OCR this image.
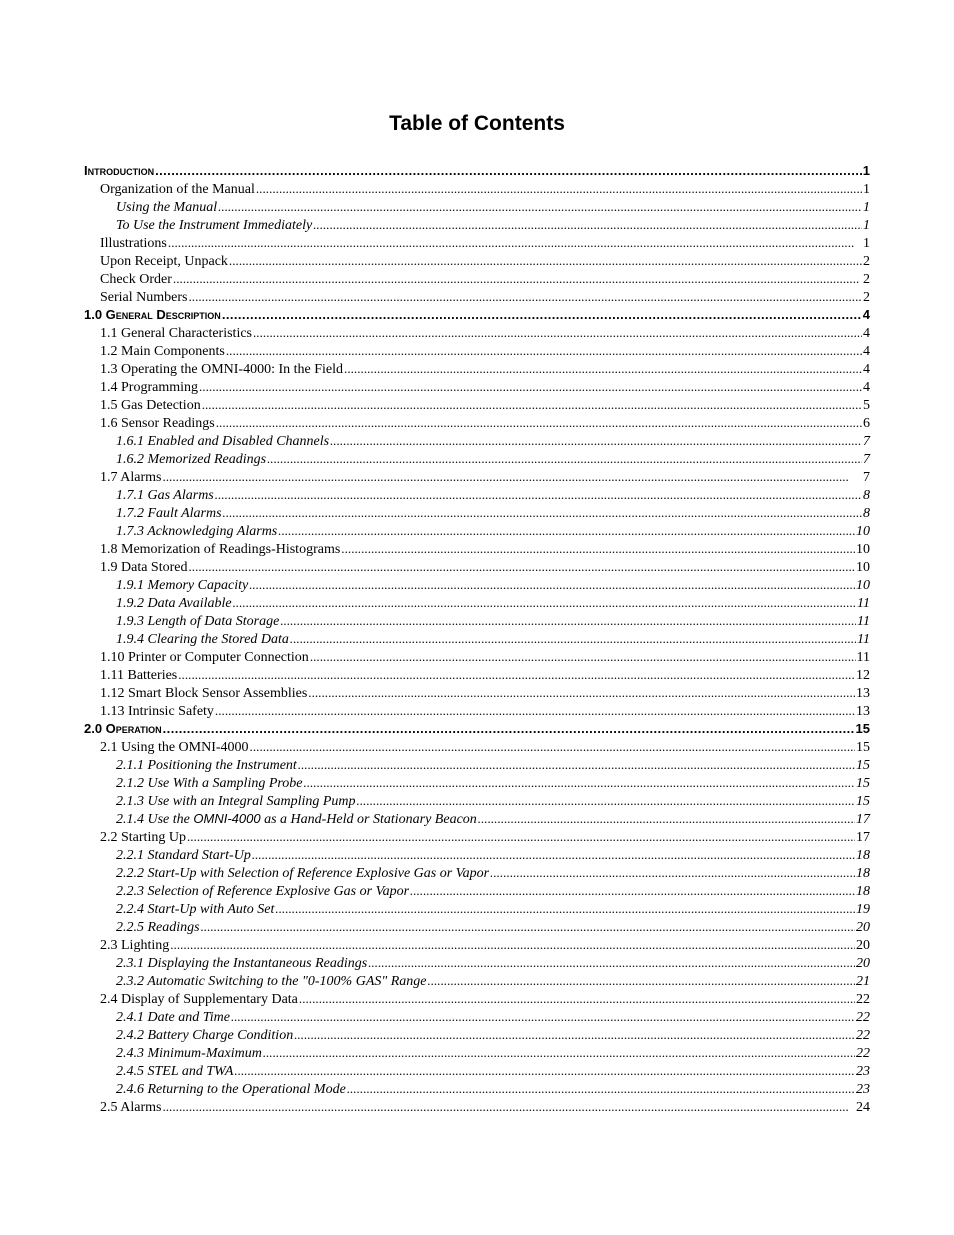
Table of Contents
Introduction . . .	1
Organization of the Manual . . .	1
Using the Manual . . .	1
To Use the Instrument Immediately . . .	1
Illustrations . . .	1
Upon Receipt, Unpack . . .	2
Check Order . . .	2
Serial Numbers . . .	2
1.0 General Description . . .	4
1.1 General Characteristics . . .	4
1.2 Main Components . . .	4
1.3 Operating the OMNI-4000: In the Field . . .	4
1.4 Programming . . .	4
1.5 Gas Detection . . .	5
1.6 Sensor Readings . . .	6
1.6.1 Enabled and Disabled Channels . . .	7
1.6.2 Memorized Readings . . .	7
1.7 Alarms . . .	7
1.7.1 Gas Alarms . . .	8
1.7.2 Fault Alarms . . .	8
1.7.3 Acknowledging Alarms . . .	10
1.8 Memorization of Readings-Histograms . . .	10
1.9 Data Stored . . .	10
1.9.1 Memory Capacity . . .	10
1.9.2 Data Available . . .	11
1.9.3 Length of Data Storage . . .	11
1.9.4 Clearing the Stored Data . . .	11
1.10 Printer or Computer Connection . . .	11
1.11 Batteries . . .	12
1.12 Smart Block Sensor Assemblies . . .	13
1.13 Intrinsic Safety . . .	13
2.0 Operation . . .	15
2.1 Using the OMNI-4000 . . .	15
2.1.1 Positioning the Instrument . . .	15
2.1.2 Use With a Sampling Probe . . .	15
2.1.3 Use with an Integral Sampling Pump . . .	15
2.1.4 Use the OMNI-4000 as a Hand-Held or Stationary Beacon . . .	17
2.2 Starting Up . . .	17
2.2.1 Standard Start-Up . . .	18
2.2.2 Start-Up with Selection of Reference Explosive Gas or Vapor . . .	18
2.2.3 Selection of Reference Explosive Gas or Vapor . . .	18
2.2.4 Start-Up with Auto Set . . .	19
2.2.5 Readings . . .	20
2.3 Lighting . . .	20
2.3.1 Displaying the Instantaneous Readings . . .	20
2.3.2 Automatic Switching to the "0-100% GAS" Range . . .	21
2.4 Display of Supplementary Data . . .	22
2.4.1 Date and Time . . .	22
2.4.2 Battery Charge Condition . . .	22
2.4.3 Minimum-Maximum . . .	22
2.4.5 STEL and TWA . . .	23
2.4.6 Returning to the Operational Mode . . .	23
2.5 Alarms . . .	24
